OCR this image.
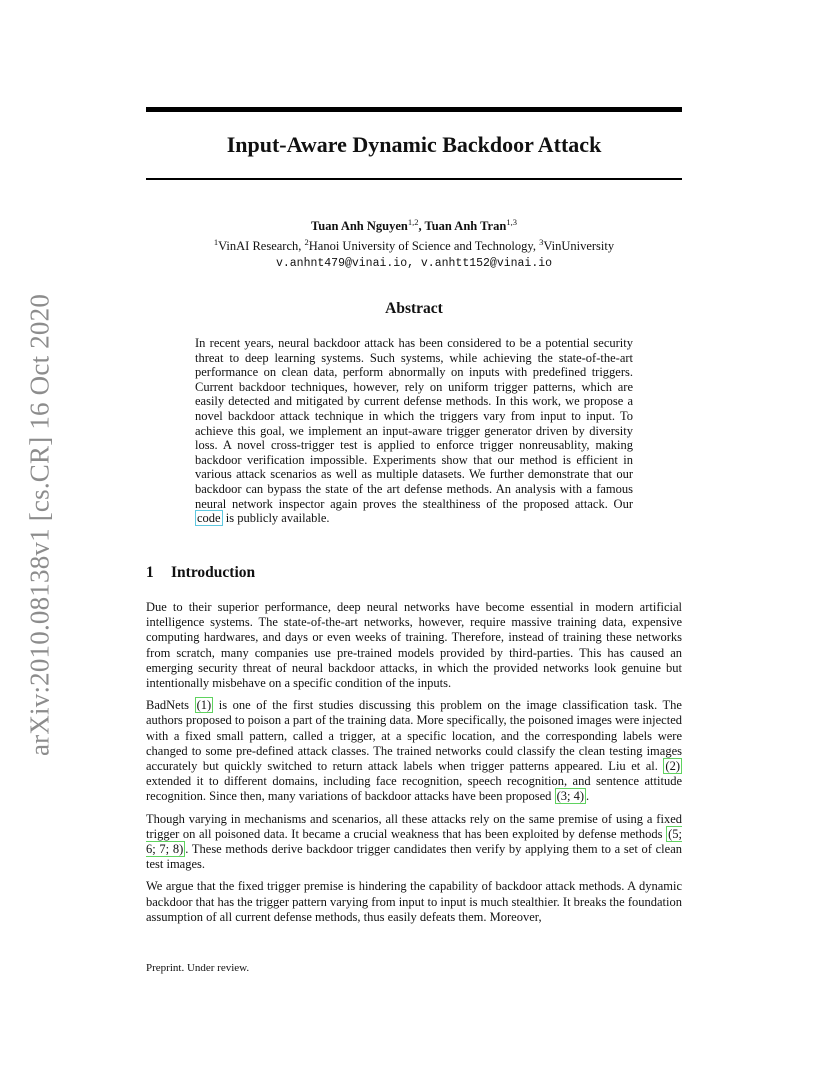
arXiv:2010.08138v1 [cs.CR] 16 Oct 2020
Input-Aware Dynamic Backdoor Attack
Tuan Anh Nguyen$^{1,2}$, Tuan Anh Tran$^{1,3}$
$^1$VinAI Research, $^2$Hanoi University of Science and Technology, $^3$VinUniversity
v.anhnt479@vinai.io, v.anhtt152@vinai.io
Abstract

In recent years, neural backdoor attack has been considered to be a potential security threat to deep learning systems. Such systems, while achieving the state-of-the-art performance on clean data, perform abnormally on inputs with predefined triggers. Current backdoor techniques, however, rely on uniform trigger patterns, which are easily detected and mitigated by current defense methods. In this work, we propose a novel backdoor attack technique in which the triggers vary from input to input. To achieve this goal, we implement an input-aware trigger generator driven by diversity loss. A novel cross-trigger test is applied to enforce trigger nonreusablity, making backdoor verification impossible. Experiments show that our method is efficient in various attack scenarios as well as multiple datasets. We further demonstrate that our backdoor can bypass the state of the art defense methods. An analysis with a famous neural network inspector again proves the stealthiness of the proposed attack. Our code is publicly available.

1 Introduction

Due to their superior performance, deep neural networks have become essential in modern artificial intelligence systems. The state-of-the-art networks, however, require massive training data, expensive computing hardwares, and days or even weeks of training. Therefore, instead of training these networks from scratch, many companies use pre-trained models provided by third-parties. This has caused an emerging security threat of neural backdoor attacks, in which the provided networks look genuine but intentionally misbehave on a specific condition of the inputs.

BadNets (1) is one of the first studies discussing this problem on the image classification task. The authors proposed to poison a part of the training data. More specifically, the poisoned images were injected with a fixed small pattern, called a trigger, at a specific location, and the corresponding labels were changed to some pre-defined attack classes. The trained networks could classify the clean testing images accurately but quickly switched to return attack labels when trigger patterns appeared. Liu et al. (2) extended it to different domains, including face recognition, speech recognition, and sentence attitude recognition. Since then, many variations of backdoor attacks have been proposed (3; 4) .

Though varying in mechanisms and scenarios, all these attacks rely on the same premise of using a fixed trigger on all poisoned data. It became a crucial weakness that has been exploited by defense methods (5; 6; 7; 8) . These methods derive backdoor trigger candidates then verify by applying them to a set of clean test images.

We argue that the fixed trigger premise is hindering the capability of backdoor attack methods. A dynamic backdoor that has the trigger pattern varying from input to input is much stealthier. It breaks the foundation assumption of all current defense methods, thus easily defeats them. Moreover,

Preprint. Under review.
